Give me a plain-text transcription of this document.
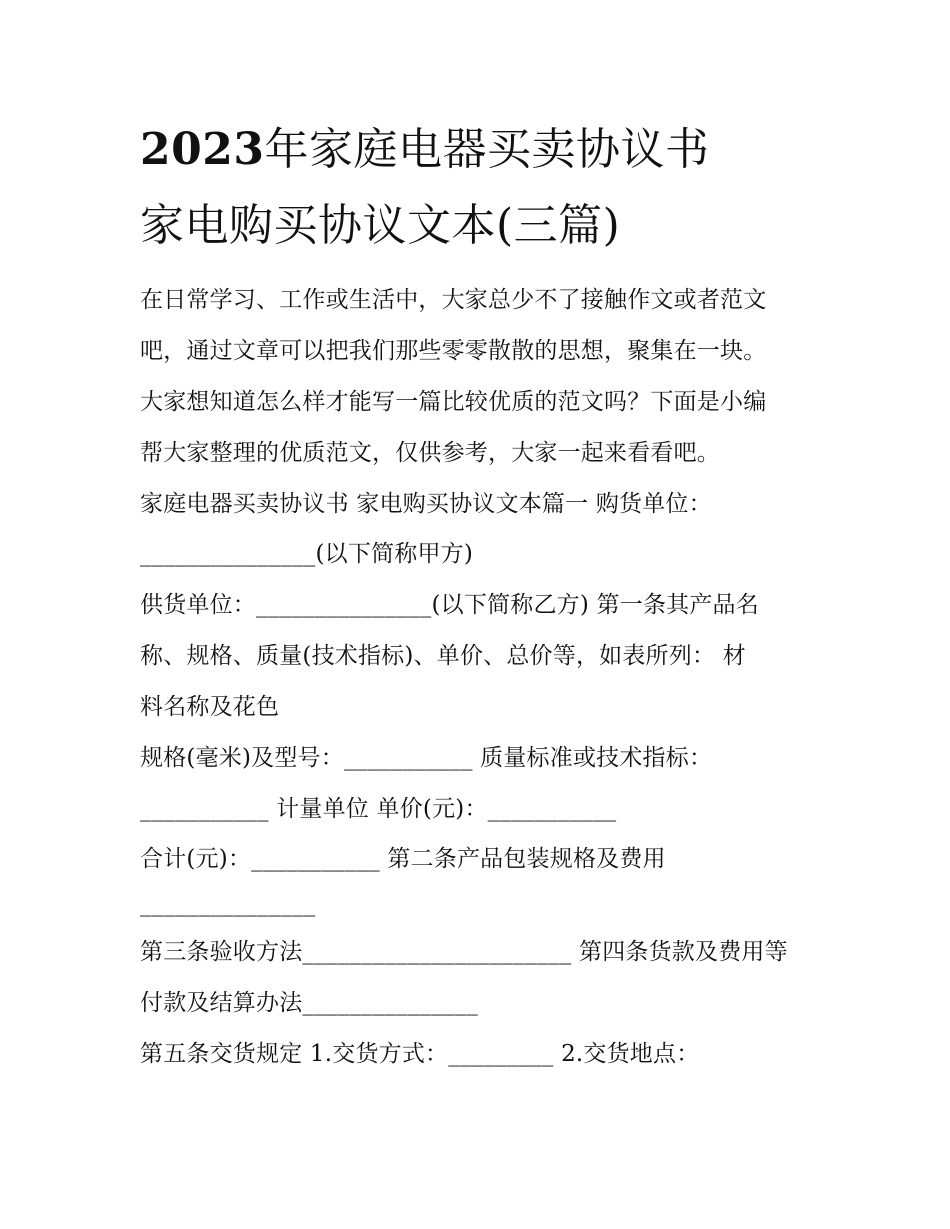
2023年家庭电器买卖协议书
家电购买协议文本(三篇)
在日常学习、工作或生活中，大家总少不了接触作文或者范文
吧，通过文章可以把我们那些零零散散的思想，聚集在一块。
大家想知道怎么样才能写一篇比较优质的范文吗？下面是小编
帮大家整理的优质范文，仅供参考，大家一起来看看吧。
家庭电器买卖协议书 家电购买协议文本篇一 购货单位：
_______________(以下简称甲方)
供货单位：_______________(以下简称乙方) 第一条其产品名
称、规格、质量(技术指标)、单价、总价等，如表所列： 材
料名称及花色
规格(毫米)及型号：___________ 质量标准或技术指标：
___________ 计量单位 单价(元)：___________
合计(元)：___________ 第二条产品包装规格及费用
_______________
第三条验收方法_______________________ 第四条货款及费用等
付款及结算办法_______________
第五条交货规定 1.交货方式：_________ 2.交货地点：
